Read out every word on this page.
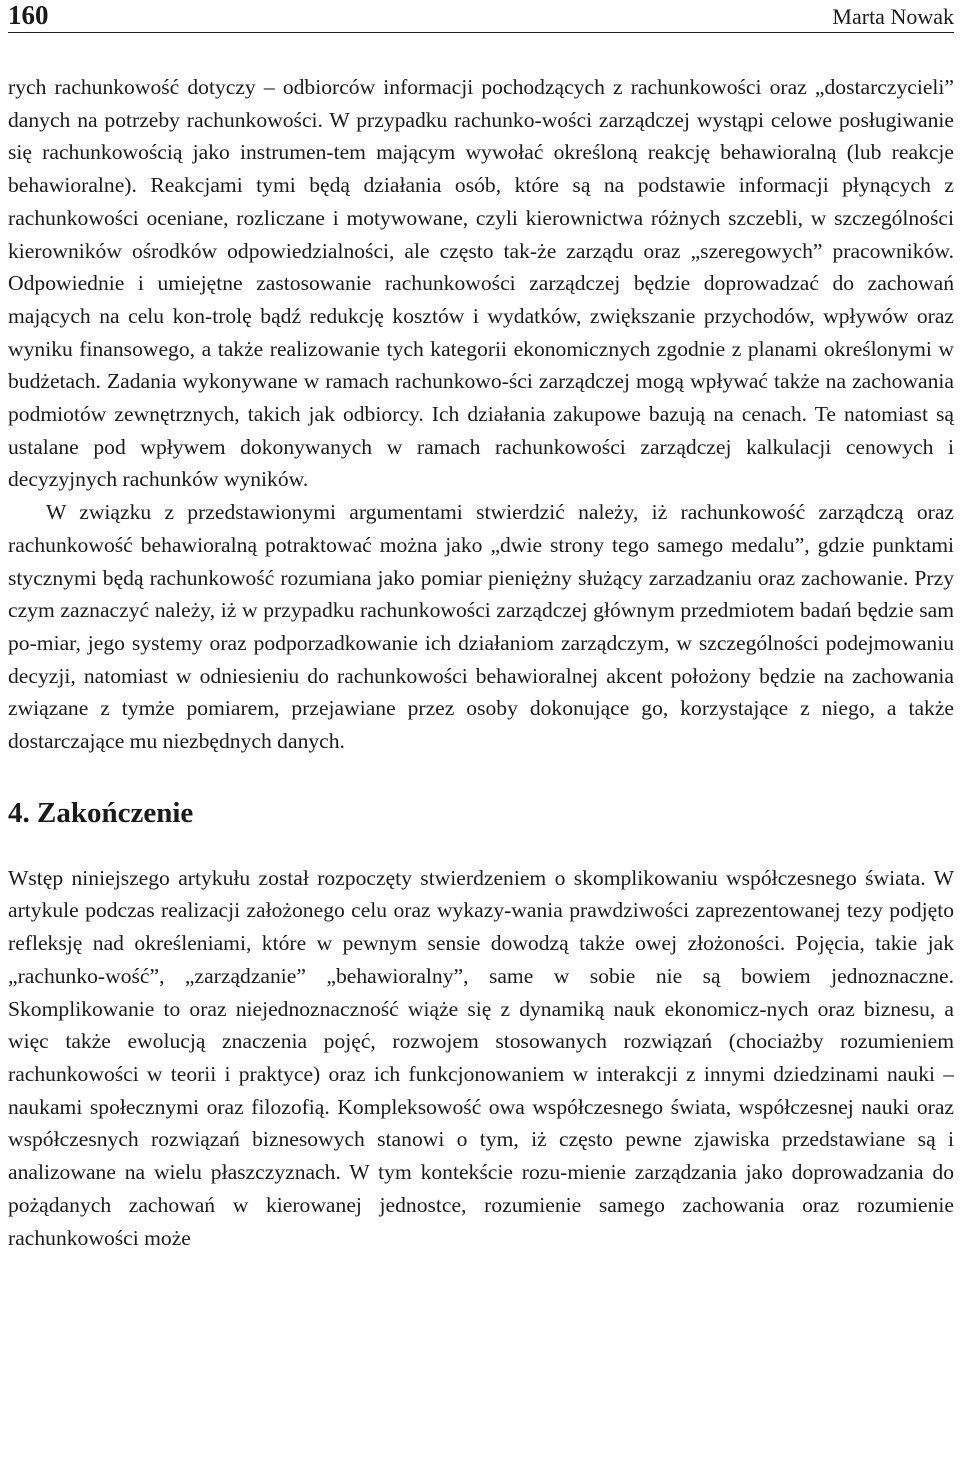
160	Marta Nowak

rych rachunkowość dotyczy – odbiorców informacji pochodzących z rachunkowości oraz „dostarczycieli” danych na potrzeby rachunkowości. W przypadku rachunko-wości zarządczej wystąpi celowe posługiwanie się rachunkowością jako instrumen-tem mającym wywołać określoną reakcję behawioralną (lub reakcje behawioralne). Reakcjami tymi będą działania osób, które są na podstawie informacji płynących z rachunkowości oceniane, rozliczane i motywowane, czyli kierownictwa różnych szczebli, w szczególności kierowników ośrodków odpowiedzialności, ale często tak-że zarządu oraz „szeregowych” pracowników. Odpowiednie i umiejętne zastosowanie rachunkowości zarządczej będzie doprowadzać do zachowań mających na celu kon-trolę bądź redukcję kosztów i wydatków, zwiększanie przychodów, wpływów oraz wyniku finansowego, a także realizowanie tych kategorii ekonomicznych zgodnie z planami określonymi w budżetach. Zadania wykonywane w ramach rachunkowo-ści zarządczej mogą wpływać także na zachowania podmiotów zewnętrznych, takich jak odbiorcy. Ich działania zakupowe bazują na cenach. Te natomiast są ustalane pod wpływem dokonywanych w ramach rachunkowości zarządczej kalkulacji cenowych i decyzyjnych rachunków wyników.

W związku z przedstawionymi argumentami stwierdzić należy, iż rachunkowość zarządczą oraz rachunkowość behawioralną potraktować można jako „dwie strony tego samego medalu”, gdzie punktami stycznymi będą rachunkowość rozumiana jako pomiar pieniężny służący zarzadzaniu oraz zachowanie. Przy czym zaznaczyć należy, iż w przypadku rachunkowości zarządczej głównym przedmiotem badań będzie sam po-miar, jego systemy oraz podporzadkowanie ich działaniom zarządczym, w szczególności podejmowaniu decyzji, natomiast w odniesieniu do rachunkowości behawioralnej akcent położony będzie na zachowania związane z tymże pomiarem, przejawiane przez osoby dokonujące go, korzystające z niego, a także dostarczające mu niezbędnych danych.

4. Zakończenie

Wstęp niniejszego artykułu został rozpoczęty stwierdzeniem o skomplikowaniu współczesnego świata. W artykule podczas realizacji założonego celu oraz wykazy-wania prawdziwości zaprezentowanej tezy podjęto refleksję nad określeniami, które w pewnym sensie dowodzą także owej złożoności. Pojęcia, takie jak „rachunko-wość”, „zarządzanie” „behawioralny”, same w sobie nie są bowiem jednoznaczne. Skomplikowanie to oraz niejednoznaczność wiąże się z dynamiką nauk ekonomicz-nych oraz biznesu, a więc także ewolucją znaczenia pojęć, rozwojem stosowanych rozwiązań (chociażby rozumieniem rachunkowości w teorii i praktyce) oraz ich funkcjonowaniem w interakcji z innymi dziedzinami nauki – naukami społecznymi oraz filozofią. Kompleksowość owa współczesnego świata, współczesnej nauki oraz współczesnych rozwiązań biznesowych stanowi o tym, iż często pewne zjawiska przedstawiane są i analizowane na wielu płaszczyznach. W tym kontekście rozu-mienie zarządzania jako doprowadzania do pożądanych zachowań w kierowanej jednostce, rozumienie samego zachowania oraz rozumienie rachunkowości może
